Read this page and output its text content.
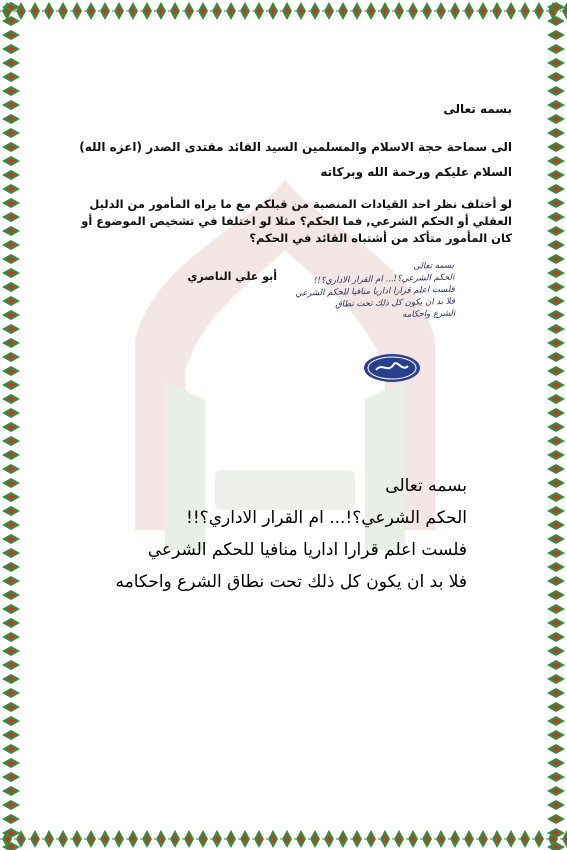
بسمه تعالى
الى سماحة حجة الاسلام والمسلمين السيد القائد مقتدى الصدر (اعزه الله)
السلام عليكم ورحمة الله وبركاته
لو أختلف نظر احد القيادات المنصبة من قبلكم مع ما يراه المأمور من الدليل العقلي أو الحكم الشرعي, فما الحكم؟ مثلا لو اختلفا في تشخيص الموضوع أو كان المأمور متأكد من أشتباه القائد في الحكم؟
أبو علي الناصري
بسمه تعالى
الحكم الشرعي؟!... ام القرار الاداري؟!!
فلست اعلم قرارا اداريا منافيا للحكم الشرعي
فلا بد ان يكون كل ذلك تحت نطاق
الشرع واحكامه
بسمه تعالى
الحكم الشرعي؟!... ام القرار الاداري؟!!
فلست اعلم قرارا اداريا منافيا للحكم الشرعي
فلا بد ان يكون كل ذلك تحت نطاق الشرع واحكامه
